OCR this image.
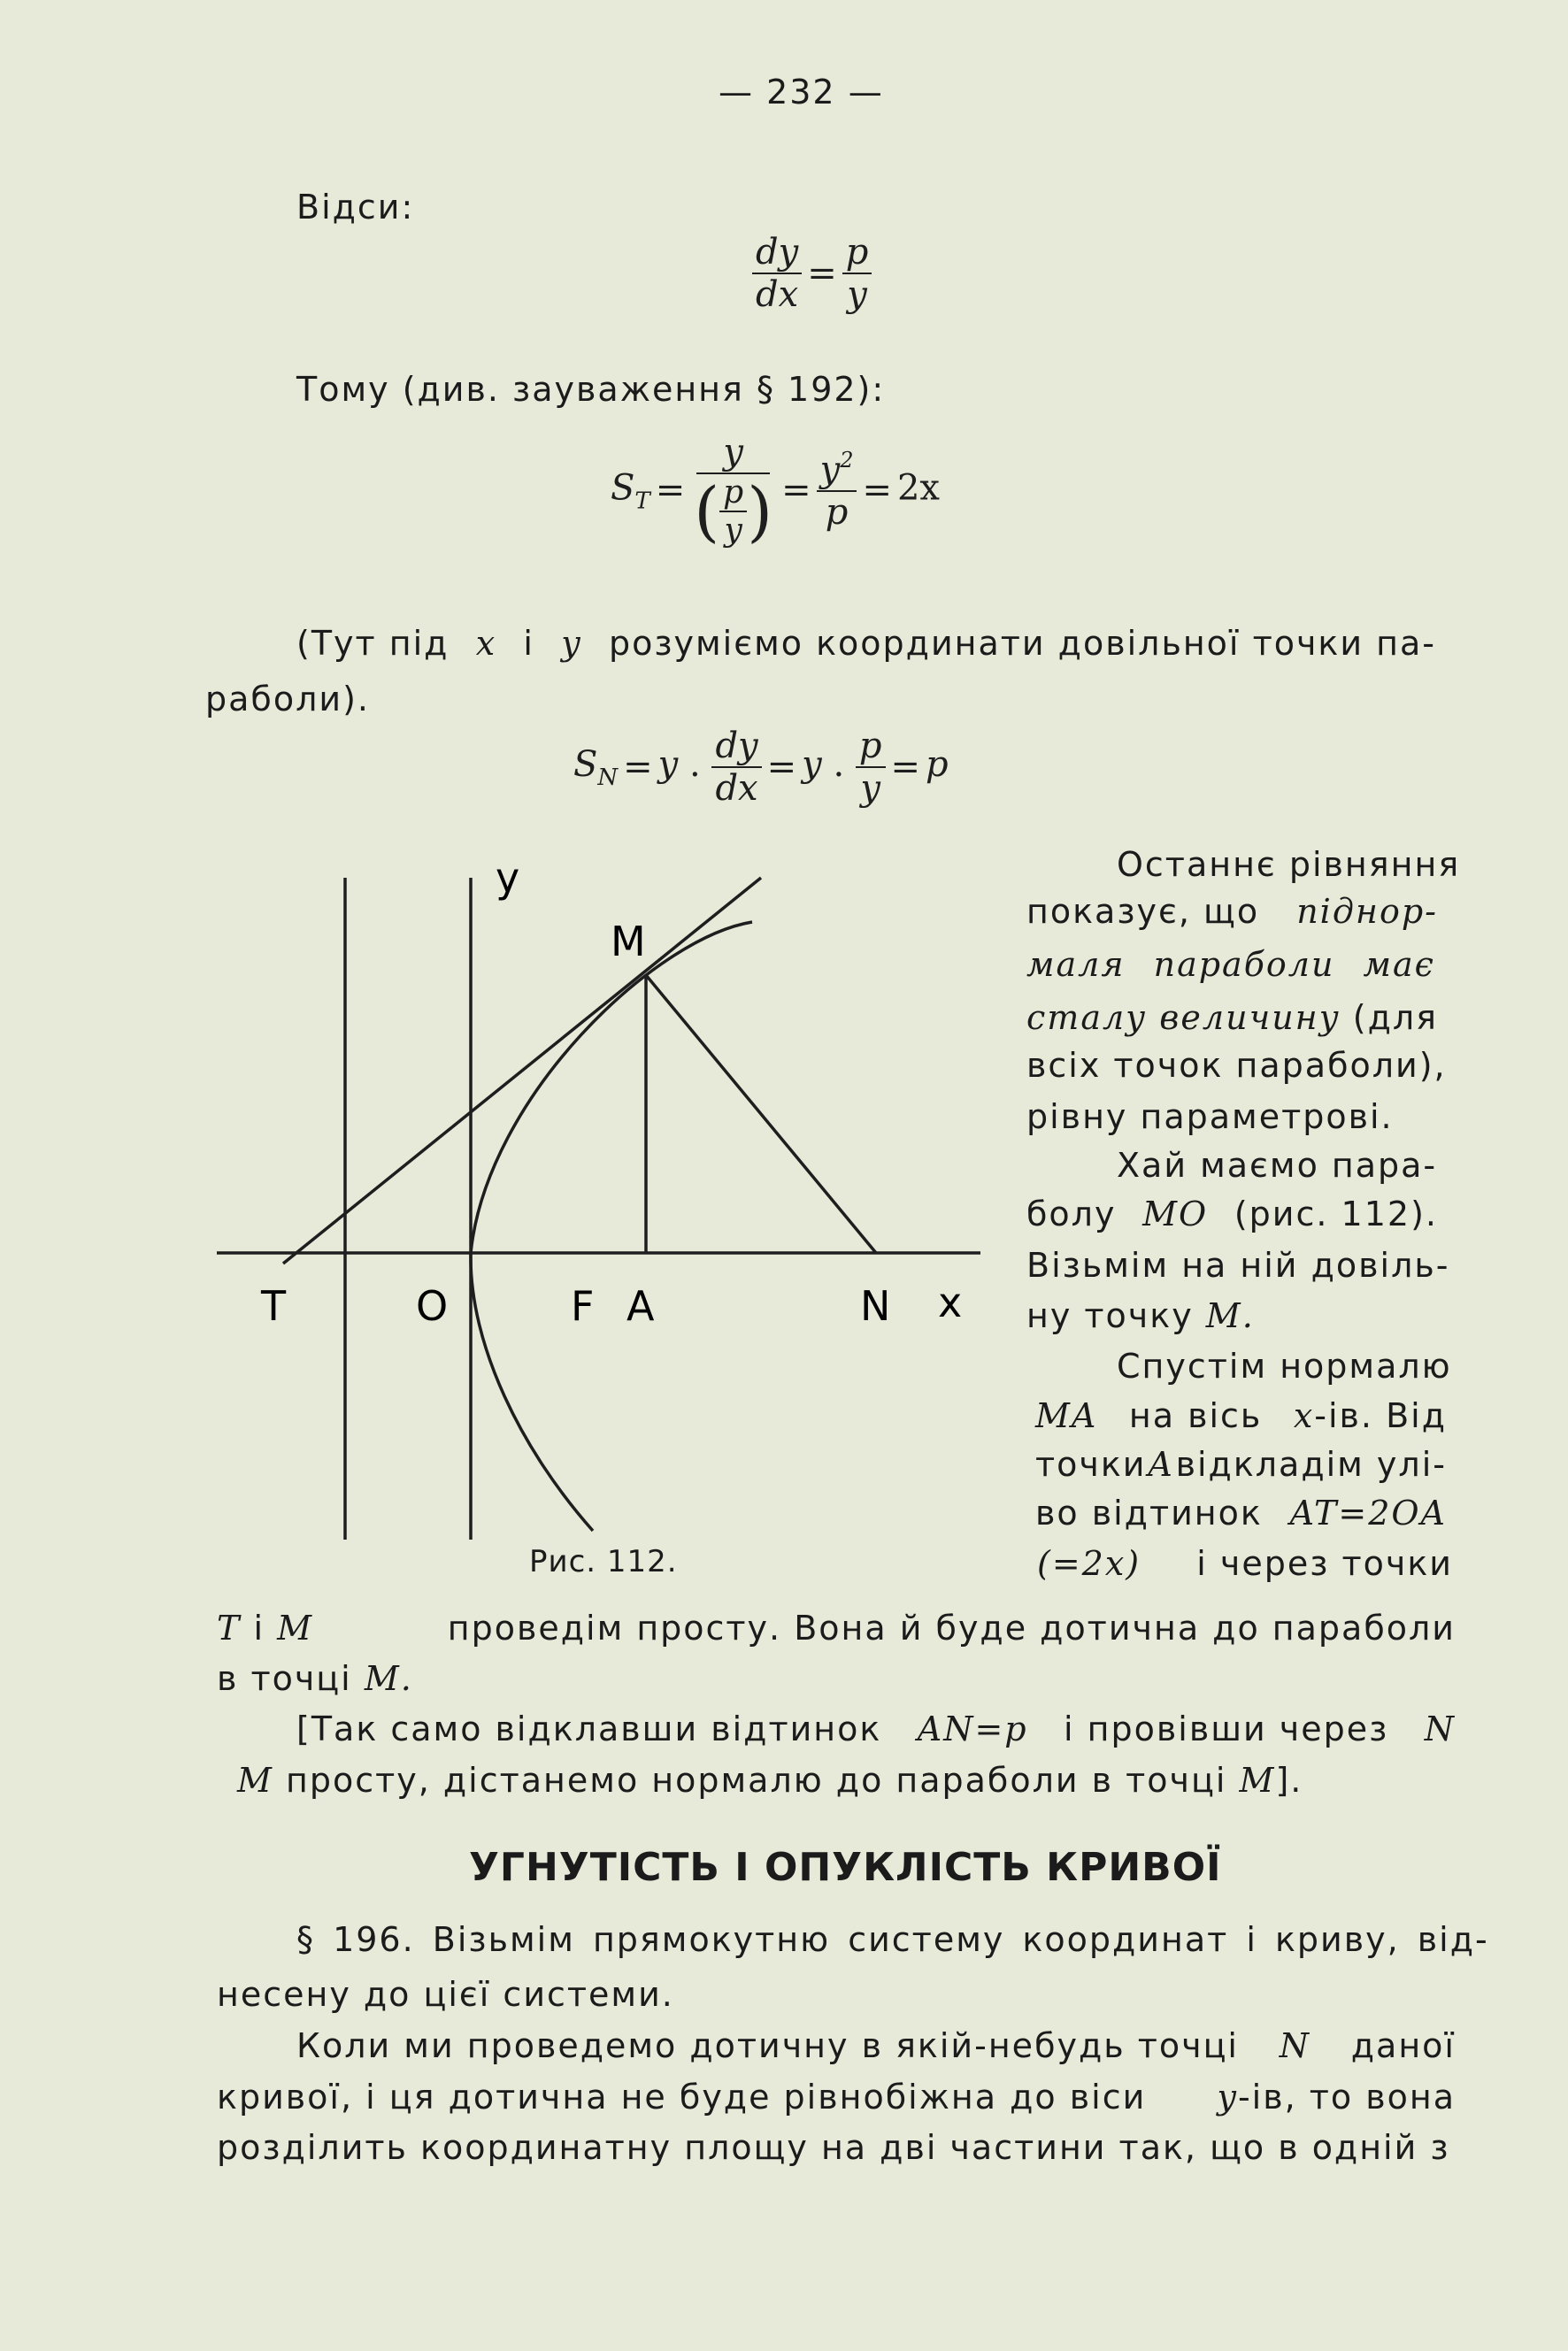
— 232 —
Відси:
$\frac{dy}{dx} = \frac{p}{y}$
Тому (див. зауваження § 192):
$S_T = \frac{y}{( \frac{p}{y} )} = \frac{y^2}{p} = 2x$
(Тут під x і y розуміємо координати довільної точки па-
раболи).
$S_N = y$ . $\frac{dy}{dx} = y$ . $\frac{p}{y} = p$
y
M
T	O	F A	N x
Рис. 112.
Останнє рівняння
показує, що піднор-
маля параболи має
сталу величину (для
всіх точок параболи),
рівну параметрові.
Хай маємо пара-
болу MO (рис. 112).
Візьмім на ній довіль-
ну точку M.
Спустім нормалю
MA на вісь x-ів. Від
точки A відкладім улі-
во відтинок AT=2OA
(=2x) і через точки
T і M	проведім просту. Вона й буде дотична до параболи
в точці M.
[Так само відклавши відтинок AN=p і провівши через N
M просту, дістанемо нормалю до параболи в точці M].
УГНУТІСТЬ І ОПУКЛІСТЬ КРИВОЇ
§ 196. Візьмім прямокутню систему координат і криву, від-
несену до цієї системи.
Коли ми проведемо дотичну в якій-небудь точці N даної
кривої, і ця дотична не буде рівнобіжна до віси y-ів, то вона
розділить координатну площу на дві частини так, що в одній з
